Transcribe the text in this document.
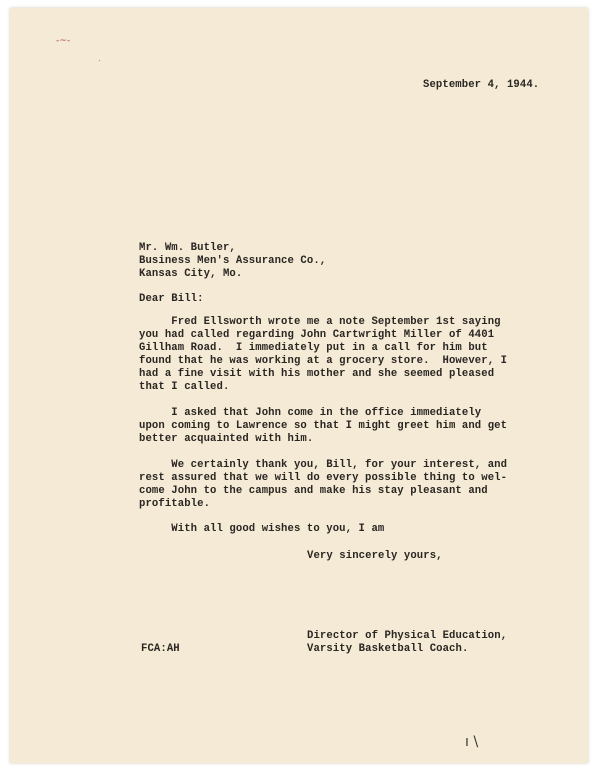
-~-
.
September 4, 1944.
Mr. Wm. Butler,
Business Men's Assurance Co.,
Kansas City, Mo.
Dear Bill:
Fred Ellsworth wrote me a note September 1st saying
you had called regarding John Cartwright Miller of 4401
Gillham Road.  I immediately put in a call for him but
found that he was working at a grocery store.  However, I
had a fine visit with his mother and she seemed pleased
that I called.
I asked that John come in the office immediately
upon coming to Lawrence so that I might greet him and get
better acquainted with him.
We certainly thank you, Bill, for your interest, and
rest assured that we will do every possible thing to wel-
come John to the campus and make his stay pleasant and
profitable.
With all good wishes to you, I am
Very sincerely yours,
FCA:AH
Director of Physical Education,
Varsity Basketball Coach.
ı \
